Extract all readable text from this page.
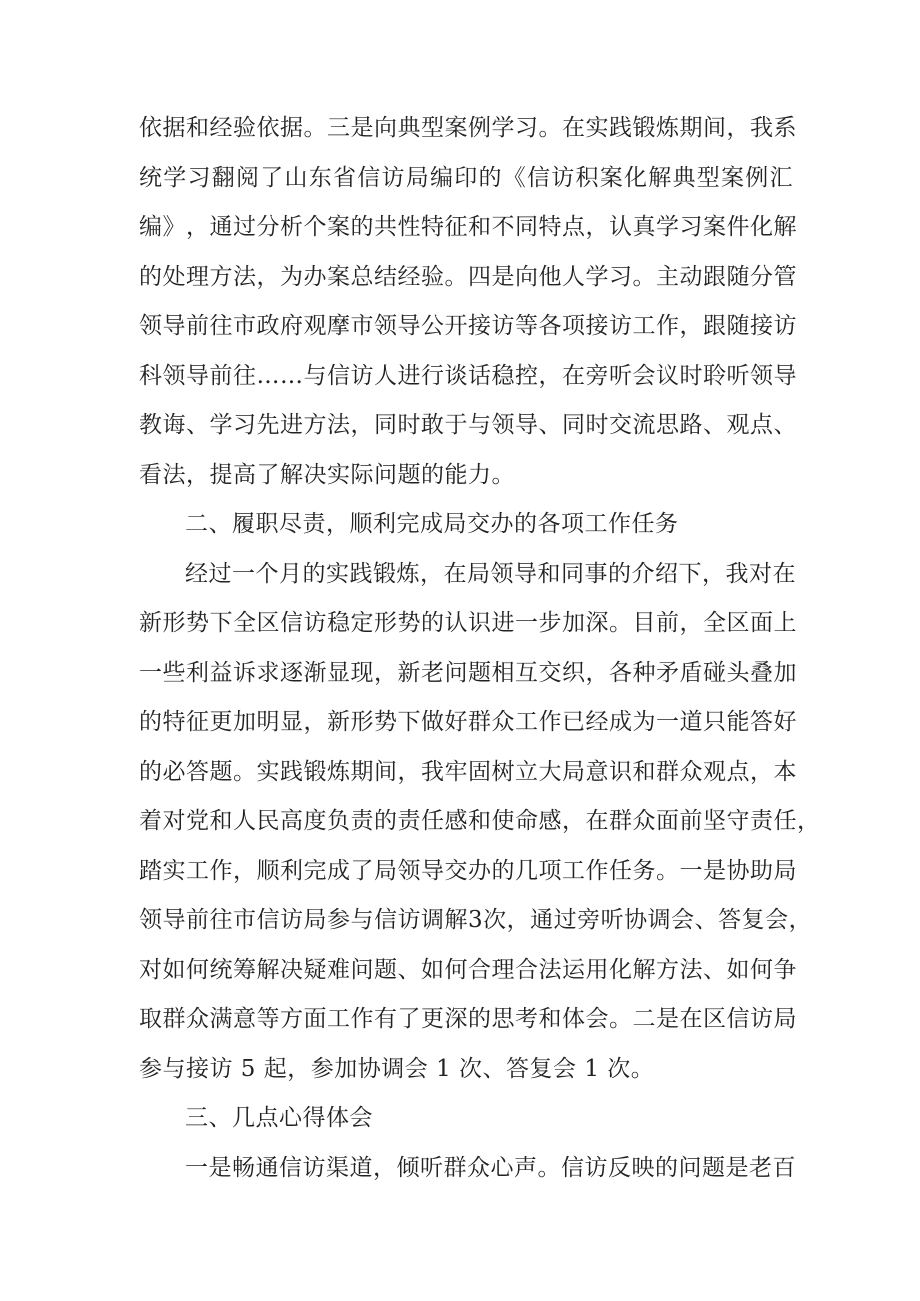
依 据 和 经 验 依 据 。 三 是 向 典 型 案 例 学 习 。 在 实 践 锻 炼 期 间 ， 我 系
统 学 习 翻 阅 了 山 东 省 信 访 局 编 印 的 《 信 访 积 案 化 解 典 型 案 例 汇
编 》 ， 通 过 分 析 个 案 的 共 性 特 征 和 不 同 特 点 ， 认 真 学 习 案 件 化 解
的 处 理 方 法 ， 为 办 案 总 结 经 验 。 四 是 向 他 人 学 习 。 主 动 跟 随 分 管
领 导 前 往 市 政 府 观 摩 市 领 导 公 开 接 访 等 各 项 接 访 工 作 ， 跟 随 接 访
科 领 导 前 往 … … 与 信 访 人 进 行 谈 话 稳 控 ， 在 旁 听 会 议 时 聆 听 领 导
教 诲 、 学 习 先 进 方 法 ， 同 时 敢 于 与 领 导 、 同 时 交 流 思 路 、 观 点 、
看法，提高了解决实际问题的能力。
二、履职尽责，顺利完成局交办的各项工作任务
经 过 一 个 月 的 实 践 锻 炼 ， 在 局 领 导 和 同 事 的 介 绍 下 ， 我 对 在
新 形 势 下 全 区 信 访 稳 定 形 势 的 认 识 进 一 步 加 深 。 目 前 ， 全 区 面 上
一 些 利 益 诉 求 逐 渐 显 现 ， 新 老 问 题 相 互 交 织 ， 各 种 矛 盾 碰 头 叠 加
的 特 征 更 加 明 显 ， 新 形 势 下 做 好 群 众 工 作 已 经 成 为 一 道 只 能 答 好
的 必 答 题 。 实 践 锻 炼 期 间 ， 我 牢 固 树 立 大 局 意 识 和 群 众 观 点 ， 本
着 对 党 和 人 民 高 度 负 责 的 责 任 感 和 使 命 感 ， 在 群 众 面 前 坚 守 责 任 ，
踏 实 工 作 ， 顺 利 完 成 了 局 领 导 交 办 的 几 项 工 作 任 务 。 一 是 协 助 局
领 导 前 往 市 信 访 局 参 与 信 访 调 解 3 次 ， 通 过 旁 听 协 调 会 、 答 复 会 ，
对 如 何 统 筹 解 决 疑 难 问 题 、 如 何 合 理 合 法 运 用 化 解 方 法 、 如 何 争
取 群 众 满 意 等 方 面 工 作 有 了 更 深 的 思 考 和 体 会 。 二 是 在 区 信 访 局
参与接访 5 起，参加协调会 1 次、答复会 1 次。
三、几点心得体会
一 是 畅 通 信 访 渠 道 ， 倾 听 群 众 心 声 。 信 访 反 映 的 问 题 是 老 百
